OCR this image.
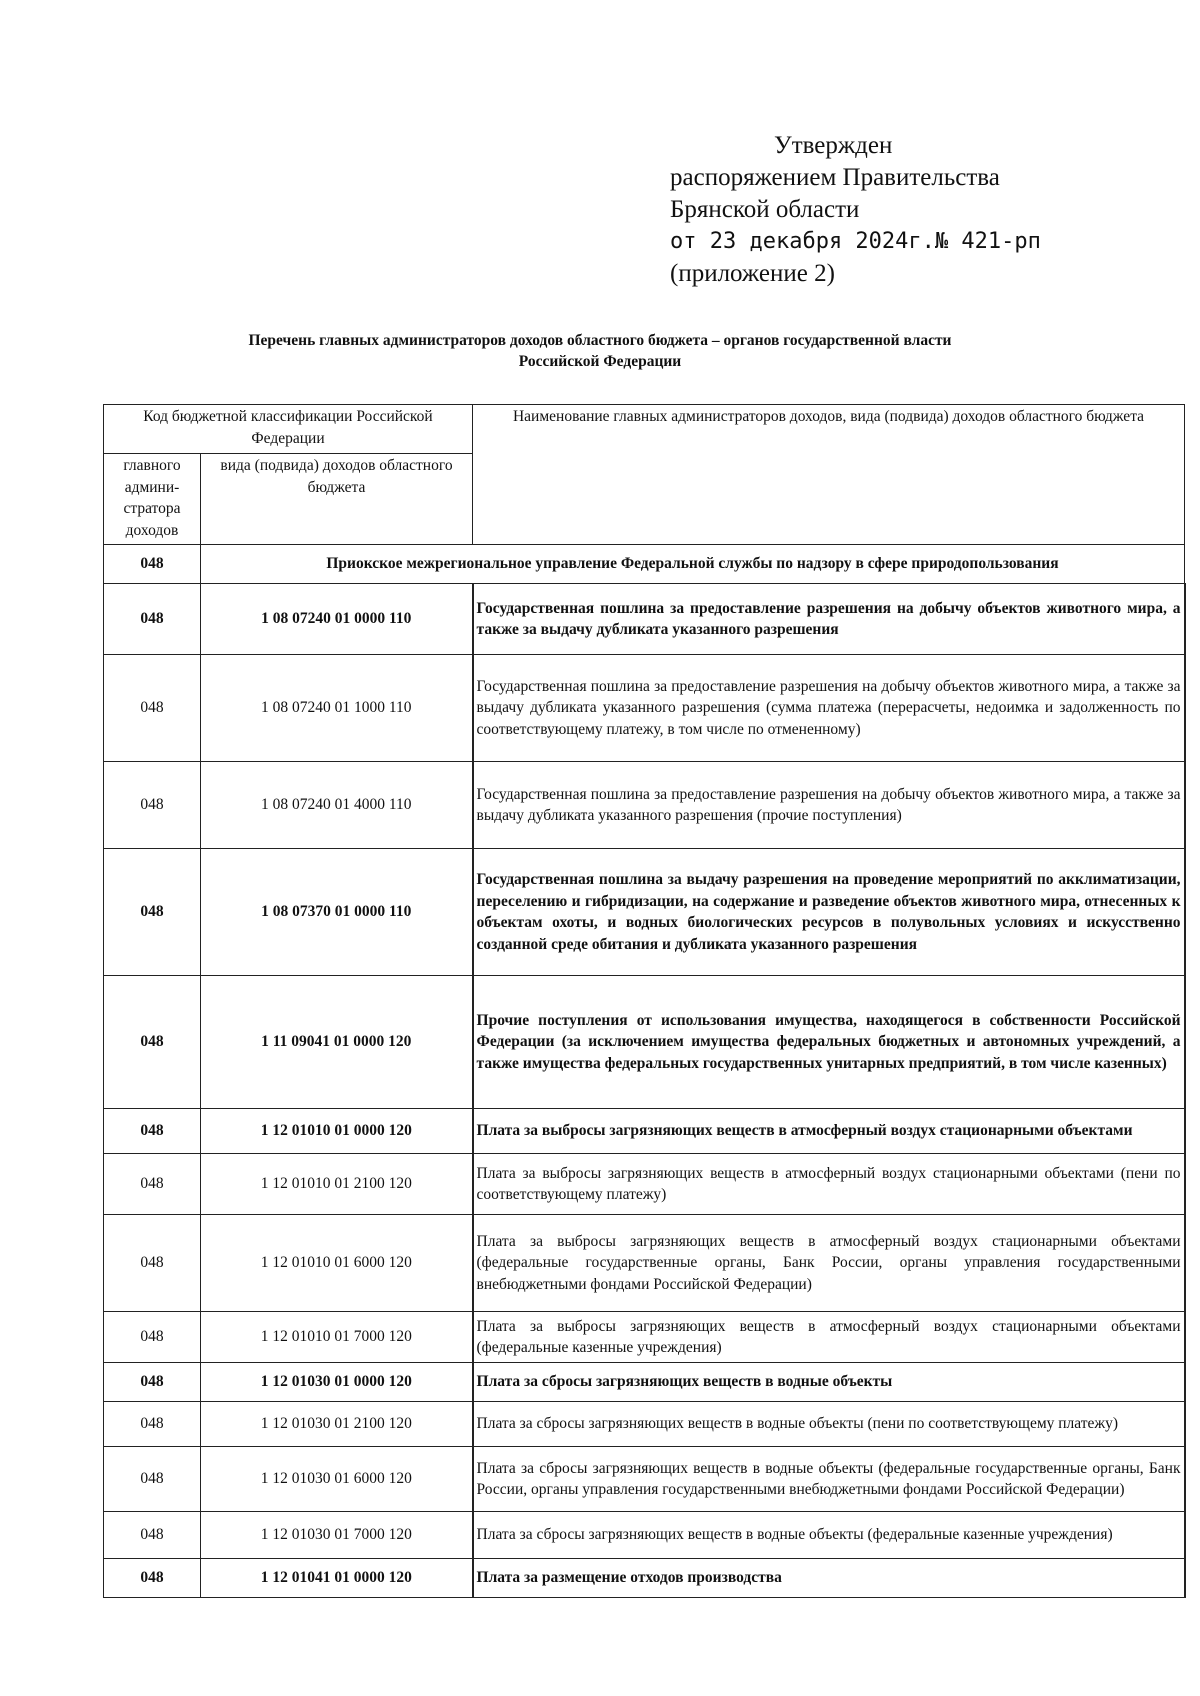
Утвержден
распоряжением Правительства
Брянской области
от 23 декабря 2024г.№ 421-рп
(приложение 2)
Перечень главных администраторов доходов областного бюджета – органов государственной власти
Российской Федерации
Код бюджетной классификации Российской Федерации		Наименование главных администраторов доходов, вида (подвида) доходов областного бюджета
главного админи-стратора доходов	вида (подвида) доходов областного бюджета	
048	Приокское межрегиональное управление Федеральной службы по надзору в сфере природопользования	
048	1 08 07240 01 0000 110	Государственная пошлина за предоставление разрешения на добычу объектов животного мира, а также за выдачу дубликата указанного разрешения
048	1 08 07240 01 1000 110	Государственная пошлина за предоставление разрешения на добычу объектов животного мира, а также за выдачу дубликата указанного разрешения (сумма платежа (перерасчеты, недоимка и задолженность по соответствующему платежу, в том числе по отмененному)
048	1 08 07240 01 4000 110	Государственная пошлина за предоставление разрешения на добычу объектов животного мира, а также за выдачу дубликата указанного разрешения (прочие поступления)
048	1 08 07370 01 0000 110	Государственная пошлина за выдачу разрешения на проведение мероприятий по акклиматизации, переселению и гибридизации, на содержание и разведение объектов животного мира, отнесенных к объектам охоты, и водных биологических ресурсов в полувольных условиях и искусственно созданной среде обитания и дубликата указанного разрешения
048	1 11 09041 01 0000 120	Прочие поступления от использования имущества, находящегося в собственности Российской Федерации (за исключением имущества федеральных бюджетных и автономных учреждений, а также имущества федеральных государственных унитарных предприятий, в том числе казенных)
048	1 12 01010 01 0000 120	Плата за выбросы загрязняющих веществ в атмосферный воздух стационарными объектами
048	1 12 01010 01 2100 120	Плата за выбросы загрязняющих веществ в атмосферный воздух стационарными объектами (пени по соответствующему платежу)
048	1 12 01010 01 6000 120	Плата за выбросы загрязняющих веществ в атмосферный воздух стационарными объектами (федеральные государственные органы, Банк России, органы управления государственными внебюджетными фондами Российской Федерации)
048	1 12 01010 01 7000 120	Плата за выбросы загрязняющих веществ в атмосферный воздух стационарными объектами (федеральные казенные учреждения)
048	1 12 01030 01 0000 120	Плата за сбросы загрязняющих веществ в водные объекты
048	1 12 01030 01 2100 120	Плата за сбросы загрязняющих веществ в водные объекты (пени по соответствующему платежу)
048	1 12 01030 01 6000 120	Плата за сбросы загрязняющих веществ в водные объекты (федеральные государственные органы, Банк России, органы управления государственными внебюджетными фондами Российской Федерации)
048	1 12 01030 01 7000 120	Плата за сбросы загрязняющих веществ в водные объекты (федеральные казенные учреждения)
048	1 12 01041 01 0000 120	Плата за размещение отходов производства
